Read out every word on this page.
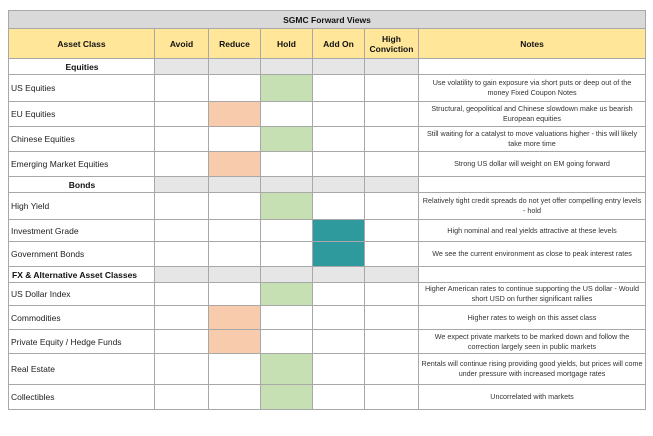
SGMC Forward Views						
Asset Class	Avoid	Reduce	Hold	Add On	High Conviction	Notes

Equities						

US Equities						Use volatility to gain exposure via short puts or deep out of the money Fixed Coupon Notes
EU Equities						Structural, geopolitical and Chinese slowdown make us bearish European equities
Chinese Equities						Still waiting for a catalyst to move valuations higher - this will likely take more time
Emerging Market Equities						Strong US dollar will weight on EM going forward

Bonds						

High Yield						Relatively tight credit spreads do not yet offer compelling entry levels - hold
Investment Grade						High nominal and real yields attractive at these levels
Government Bonds						We see the current environment as close to peak interest rates

FX & Alternative Asset Classes						

US Dollar Index						Higher American rates to continue supporting the US dollar - Would short USD on further significant rallies
Commodities						Higher rates to weigh on this asset class
Private Equity / Hedge Funds						We expect private markets to be marked down and follow the correction largely seen in public markets
Real Estate						Rentals will continue rising providing good yields, but prices will come under pressure with increased mortgage rates
Collectibles						Uncorrelated with markets
